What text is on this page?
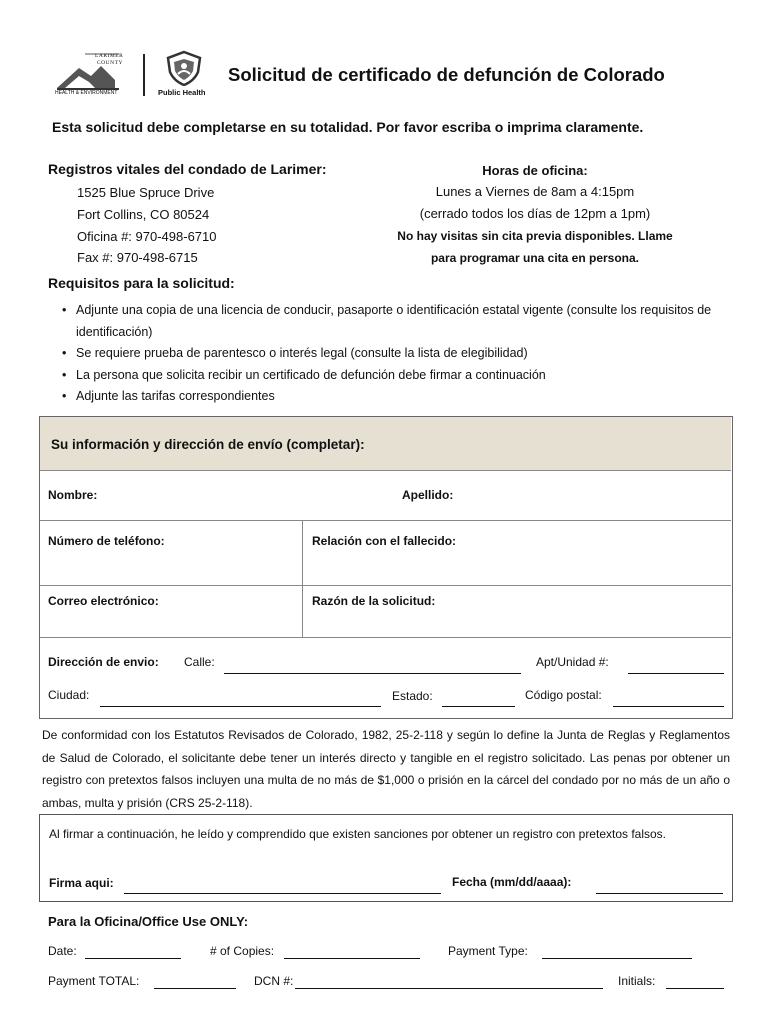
LARIMER
COUNTY
HEALTH & ENVIRONMENT	Public Health
Solicitud de certificado de defunción de Colorado
Esta solicitud debe completarse en su totalidad. Por favor escriba o imprima claramente.
Registros vitales del condado de Larimer:
1525 Blue Spruce Drive
Fort Collins, CO 80524
Oficina #: 970-498-6710
Fax #: 970-498-6715
Horas de oficina:
Lunes a Viernes de 8am a 4:15pm
(cerrado todos los días de 12pm a 1pm)
No hay visitas sin cita previa disponibles. Llame
para programar una cita en persona.
Requisitos para la solicitud:
• Adjunte una copia de una licencia de conducir, pasaporte o identificación estatal vigente (consulte los requisitos de identificación)
• Se requiere prueba de parentesco o interés legal (consulte la lista de elegibilidad)
• La persona que solicita recibir un certificado de defunción debe firmar a continuación
• Adjunte las tarifas correspondientes
Su información y dirección de envío (completar):
Nombre:	Apellido:
Número de teléfono:	Relación con el fallecido:
Correo electrónico:	Razón de la solicitud:
Dirección de envio: Calle:	Apt/Unidad #:
Ciudad:	Estado:	Código postal:
De conformidad con los Estatutos Revisados de Colorado, 1982, 25-2-118 y según lo define la Junta de Reglas y Reglamentos de Salud de Colorado, el solicitante debe tener un interés directo y tangible en el registro solicitado. Las penas por obtener un registro con pretextos falsos incluyen una multa de no más de $1,000 o prisión en la cárcel del condado por no más de un año o ambas, multa y prisión (CRS 25-2-118).
Al firmar a continuación, he leído y comprendido que existen sanciones por obtener un registro con pretextos falsos.
Firma aqui:	Fecha (mm/dd/aaaa):
Para la Oficina/Office Use ONLY:
Date:	# of Copies:	Payment Type:
Payment TOTAL:	DCN #:	Initials:
